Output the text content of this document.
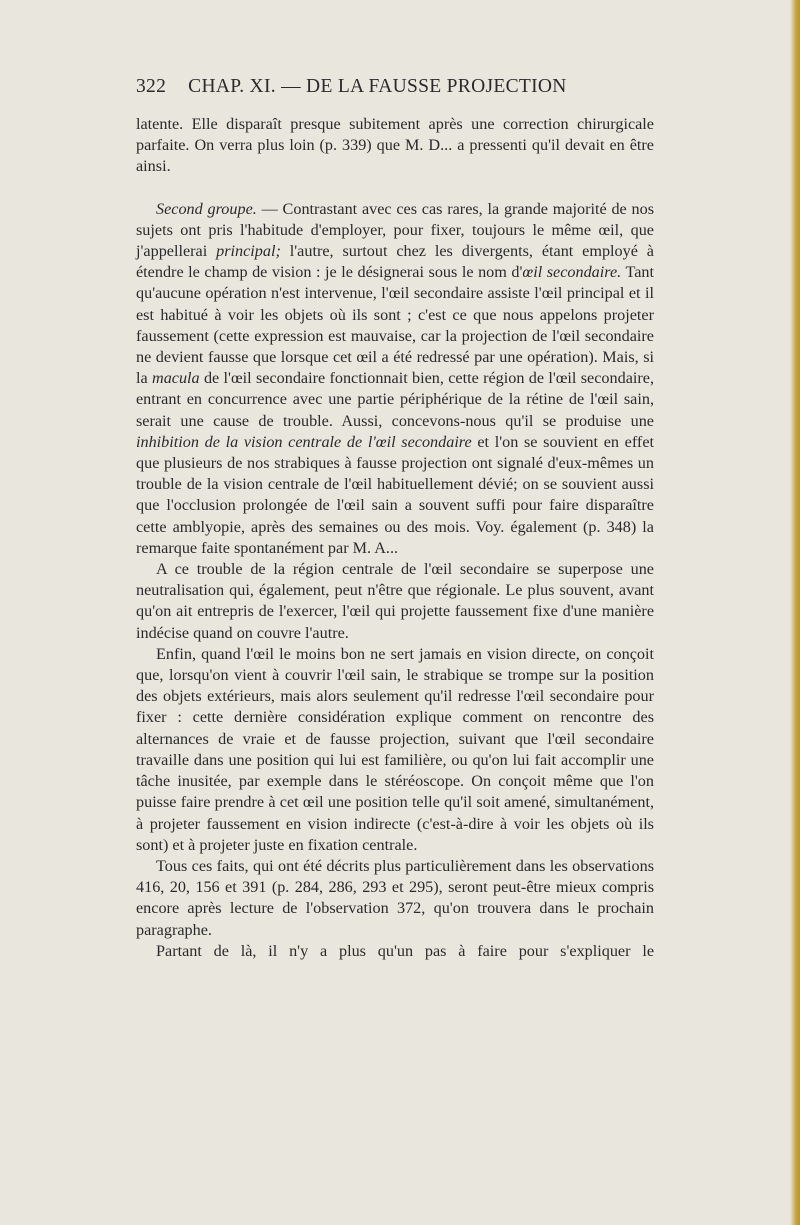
322 CHAP. XI. — DE LA FAUSSE PROJECTION

latente. Elle disparaît presque subitement après une correction chirurgicale parfaite. On verra plus loin (p. 339) que M. D... a pressenti qu'il devait en être ainsi.

Second groupe. — Contrastant avec ces cas rares, la grande majorité de nos sujets ont pris l'habitude d'employer, pour fixer, toujours le même œil, que j'appellerai principal; l'autre, surtout chez les divergents, étant employé à étendre le champ de vision : je le désignerai sous le nom d'œil secondaire. Tant qu'aucune opération n'est intervenue, l'œil secondaire assiste l'œil principal et il est habitué à voir les objets où ils sont ; c'est ce que nous appelons projeter faussement (cette expression est mauvaise, car la projection de l'œil secondaire ne devient fausse que lorsque cet œil a été redressé par une opération). Mais, si la macula de l'œil secondaire fonctionnait bien, cette région de l'œil secondaire, entrant en concurrence avec une partie périphérique de la rétine de l'œil sain, serait une cause de trouble. Aussi, concevons-nous qu'il se produise une inhibition de la vision centrale de l'œil secondaire et l'on se souvient en effet que plusieurs de nos strabiques à fausse projection ont signalé d'eux-mêmes un trouble de la vision centrale de l'œil habituellement dévié; on se souvient aussi que l'occlusion prolongée de l'œil sain a souvent suffi pour faire disparaître cette amblyopie, après des semaines ou des mois. Voy. également (p. 348) la remarque faite spontanément par M. A...

A ce trouble de la région centrale de l'œil secondaire se superpose une neutralisation qui, également, peut n'être que régionale. Le plus souvent, avant qu'on ait entrepris de l'exercer, l'œil qui projette faussement fixe d'une manière indécise quand on couvre l'autre.

Enfin, quand l'œil le moins bon ne sert jamais en vision directe, on conçoit que, lorsqu'on vient à couvrir l'œil sain, le strabique se trompe sur la position des objets extérieurs, mais alors seulement qu'il redresse l'œil secondaire pour fixer : cette dernière considération explique comment on rencontre des alternances de vraie et de fausse projection, suivant que l'œil secondaire travaille dans une position qui lui est familière, ou qu'on lui fait accomplir une tâche inusitée, par exemple dans le stéréoscope. On conçoit même que l'on puisse faire prendre à cet œil une position telle qu'il soit amené, simultanément, à projeter faussement en vision indirecte (c'est-à-dire à voir les objets où ils sont) et à projeter juste en fixation centrale.

Tous ces faits, qui ont été décrits plus particulièrement dans les observations 416, 20, 156 et 391 (p. 284, 286, 293 et 295), seront peut-être mieux compris encore après lecture de l'observation 372, qu'on trouvera dans le prochain paragraphe.

Partant de là, il n'y a plus qu'un pas à faire pour s'expliquer le
